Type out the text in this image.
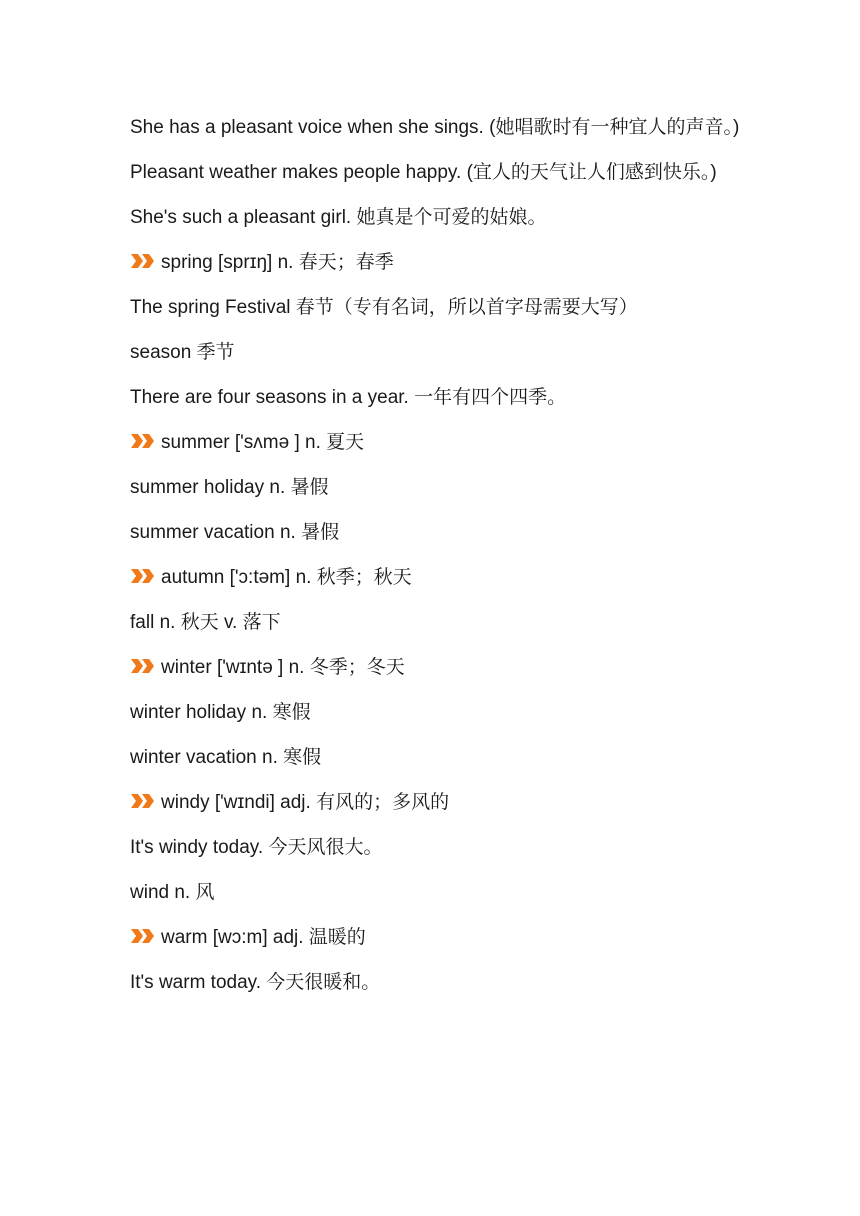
She has a pleasant voice when she sings. (她唱歌时有一种宜人的声音。)
Pleasant weather makes people happy. (宜人的天气让人们感到快乐。)
She's such a pleasant girl. 她真是个可爱的姑娘。
spring [sprɪŋ] n. 春天；春季
The spring Festival 春节（专有名词，所以首字母需要大写）
season 季节
There are four seasons in a year. 一年有四个四季。
summer ['sʌmə ] n. 夏天
summer holiday n. 暑假
summer vacation n. 暑假
autumn ['ɔ:təm] n. 秋季；秋天
fall n. 秋天 v. 落下
winter ['wɪntə ] n. 冬季；冬天
winter holiday n. 寒假
winter vacation n. 寒假
windy ['wɪndi] adj. 有风的；多风的
It's windy today. 今天风很大。
wind n. 风
warm [wɔ:m] adj. 温暖的
It's warm today. 今天很暖和。
